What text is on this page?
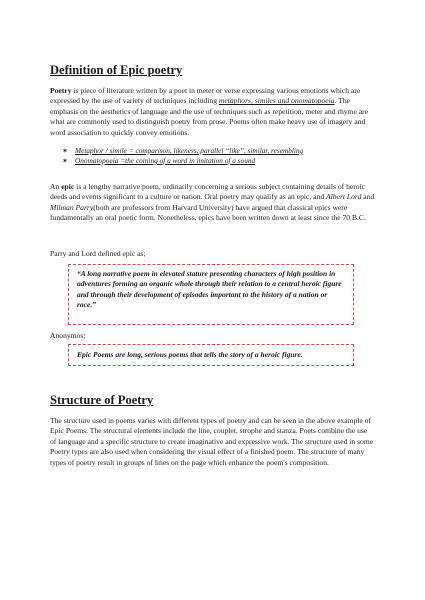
Definition of Epic poetry

Poetry is piece of literature written by a poet in meter or verse expressing various emotions which are expressed by the use of variety of techniques including metaphors, similes and onomatopoeia. The emphasis on the aesthetics of language and the use of techniques such as repetition, meter and rhyme are what are commonly used to distinguish poetry from prose. Poems often make heavy use of imagery and word association to quickly convey emotions.

✶ Metaphor / simile = comparison, likeness, parallel “like”, similar, resembling
✶ Onomatopoeia =the coining of a word in imitation of a sound

An epic is a lengthy narrative poem, ordinarily concerning a serious subject containing details of heroic deeds and events significant to a culture or nation. Oral poetry may qualify as an epic, and Albert Lord and Milman Parry(both are professors from Harvard University) have argued that classical epics were fundamentally an oral poetic form. Nonetheless, epics have been written down at least since the 70 B.C.

Parry and Lord defined epic as;

“A long narrative poem in elevated stature presenting characters of high position in adventures forming an organic whole through their relation to a central heroic figure and through their development of episodes important to the history of a nation or race.”

Anonymos;

Epic Poems are long, serious poems that tells the story of a heroic figure.
Structure of Poetry

The structure used in poems varies with different types of poetry and can be seen in the above example of Epic Poems. The structural elements include the line, couplet, strophe and stanza. Poets combine the use of language and a specific structure to create imaginative and expressive work. The structure used in some Poetry types are also used when considering the visual effect of a finished poem. The structure of many types of poetry result in groups of lines on the page which enhance the poem's composition.
